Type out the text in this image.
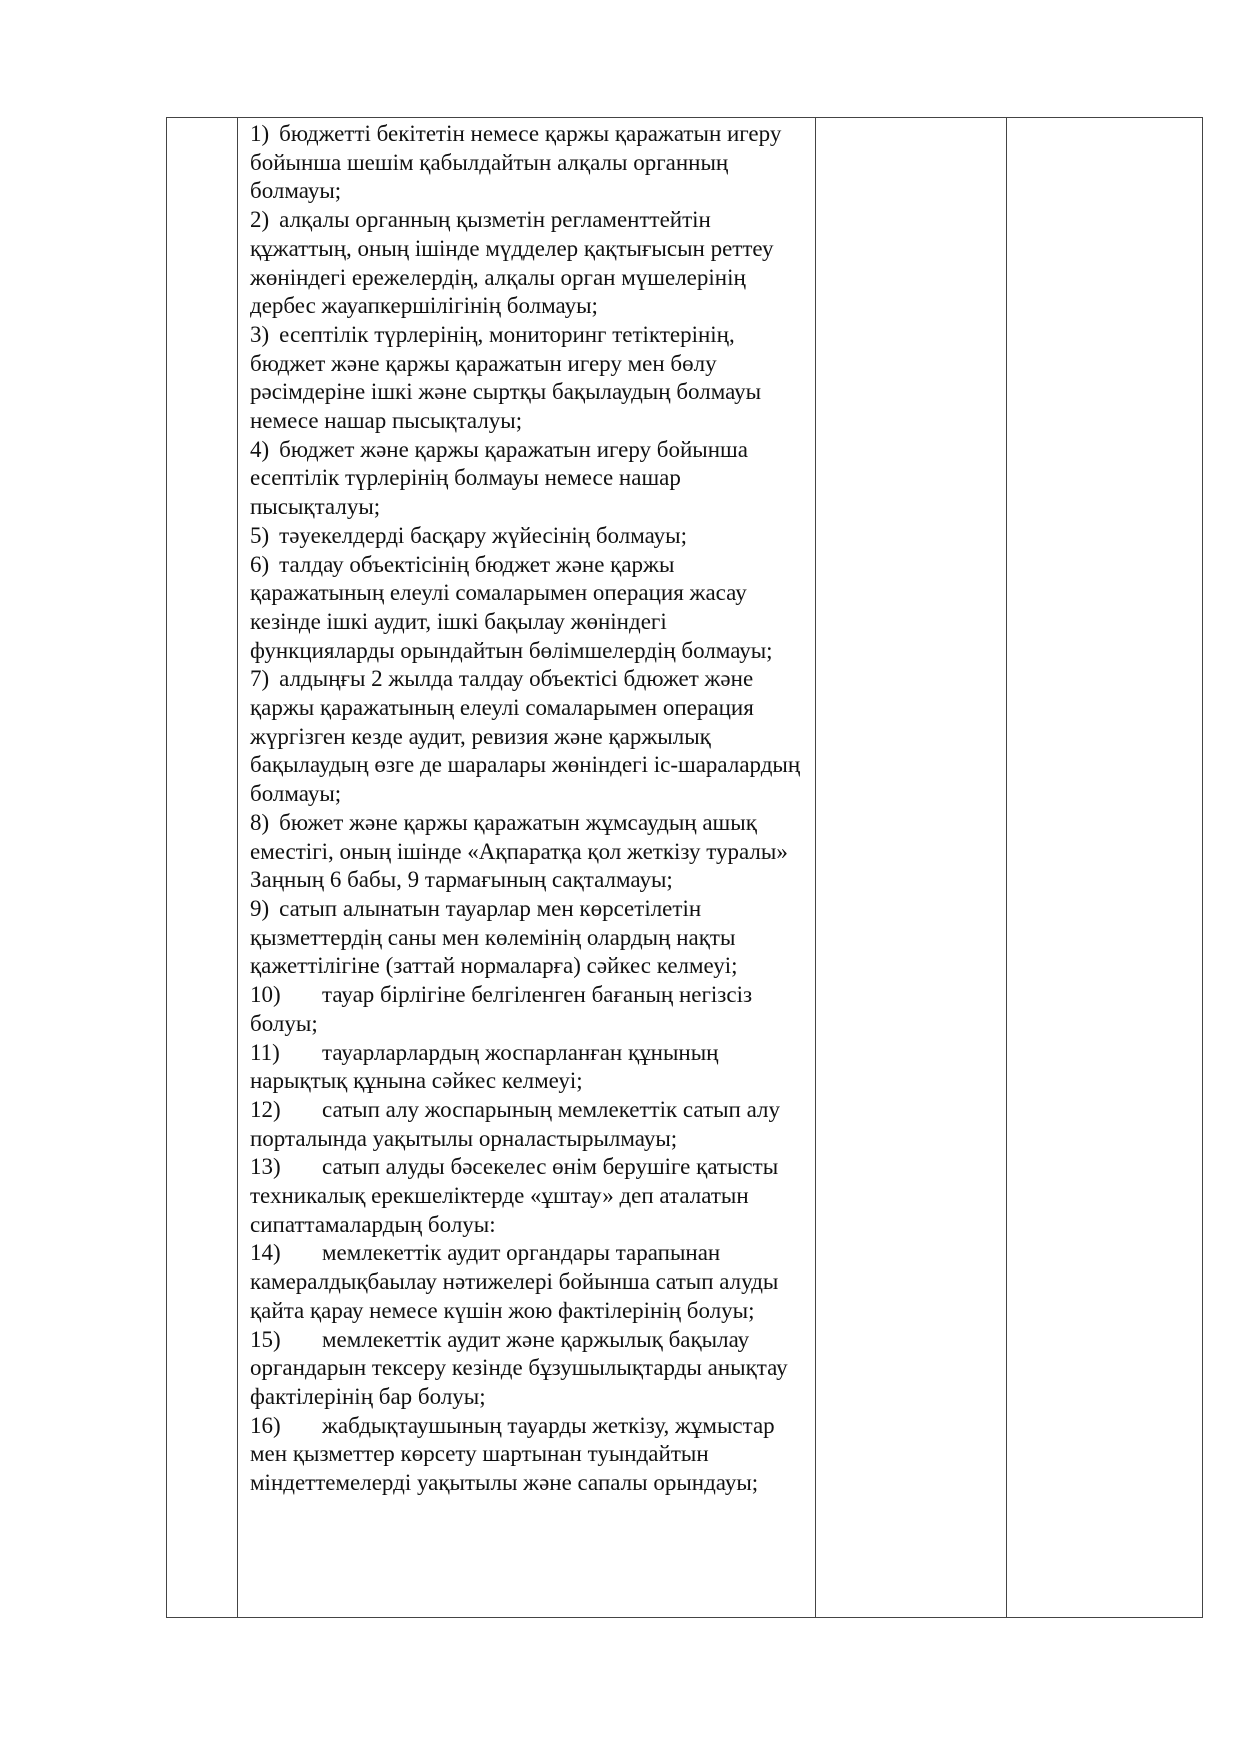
1) бюджетті бекітетін немесе қаржы қаражатын игеру бойынша шешім қабылдайтын алқалы органның болмауы;
2) алқалы органның қызметін регламенттейтін құжаттың, оның ішінде мүдделер қақтығысын реттеу жөніндегі ережелердің, алқалы орган мүшелерінің дербес жауапкершілігінің болмауы;
3) есептілік түрлерінің, мониторинг тетіктерінің, бюджет және қаржы қаражатын игеру мен бөлу рәсімдеріне ішкі және сыртқы бақылаудың болмауы немесе нашар пысықталуы;
4) бюджет және қаржы қаражатын игеру бойынша есептілік түрлерінің болмауы немесе нашар пысықталуы;
5) тәуекелдерді басқару жүйесінің болмауы;
6) талдау объектісінің бюджет және қаржы қаражатының елеулі сомаларымен операция жасау кезінде ішкі аудит, ішкі бақылау жөніндегі функцияларды орындайтын бөлімшелердің болмауы;
7) алдыңғы 2 жылда талдау объектісі бдюжет және қаржы қаражатының елеулі сомаларымен операция жүргізген кезде аудит, ревизия және қаржылық бақылаудың өзге де шаралары жөніндегі іс-шаралардың болмауы;
8) бюжет және қаржы қаражатын жұмсаудың ашық еместігі, оның ішінде «Ақпаратқа қол жеткізу туралы» Заңның 6 бабы, 9 тармағының сақталмауы;
9) сатып алынатын тауарлар мен көрсетілетін қызметтердің саны мен көлемінің олардың нақты қажеттілігіне (заттай нормаларға) сәйкес келмеуі;
10) тауар бірлігіне белгіленген бағаның негізсіз болуы;
11) тауарларлардың жоспарланған құнының нарықтық құнына сәйкес келмеуі;
12) сатып алу жоспарының мемлекеттік сатып алу порталында уақытылы орналастырылмауы;
13) сатып алуды бәсекелес өнім берушіге қатысты техникалық ерекшеліктерде «ұштау» деп аталатын сипаттамалардың болуы:
14) мемлекеттік аудит органдары тарапынан камералдықбаылау нәтижелері бойынша сатып алуды қайта қарау немесе күшін жою фактілерінің болуы;
15) мемлекеттік аудит және қаржылық бақылау органдарын тексеру кезінде бұзушылықтарды анықтау фактілерінің бар болуы;
16) жабдықтаушының тауарды жеткізу, жұмыстар мен қызметтер көрсету шартынан туындайтын міндеттемелерді уақытылы және сапалы орындауы;
